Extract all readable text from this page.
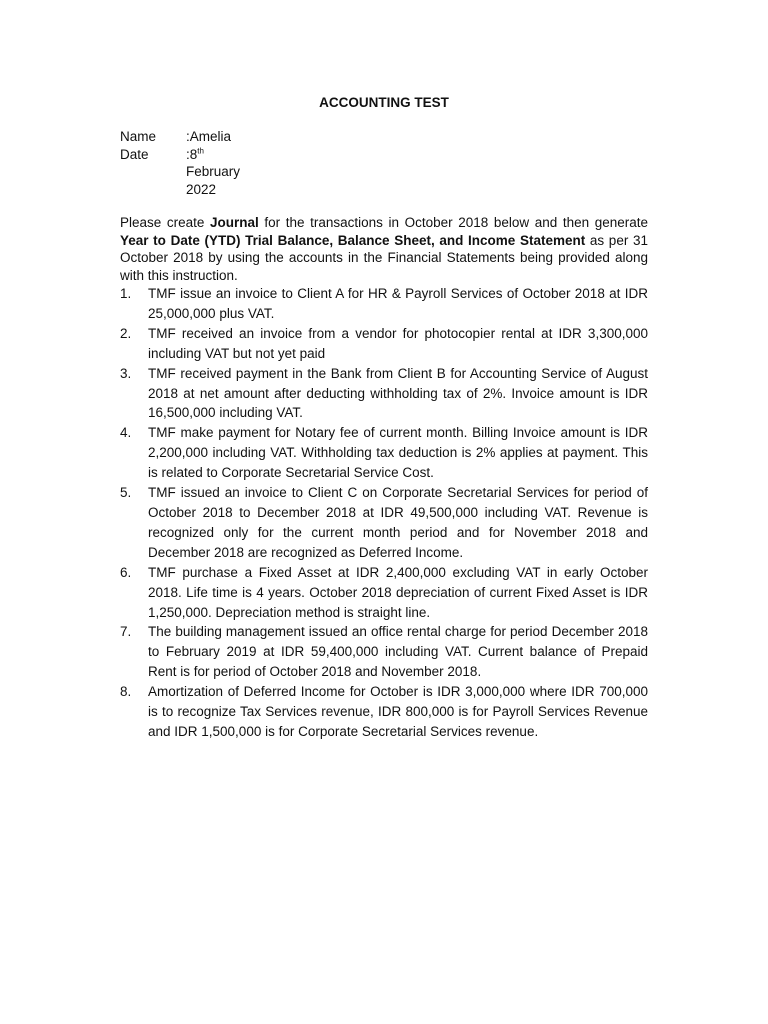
ACCOUNTING TEST
Name	:Amelia
Date	:8th
February
2022
Please create Journal for the transactions in October 2018 below and then generate Year to Date (YTD) Trial Balance, Balance Sheet, and Income Statement as per 31 October 2018 by using the accounts in the Financial Statements being provided along with this instruction.
1.	TMF issue an invoice to Client A for HR & Payroll Services of October 2018 at IDR 25,000,000 plus VAT.
2.	TMF received an invoice from a vendor for photocopier rental at IDR 3,300,000 including VAT but not yet paid
3.	TMF received payment in the Bank from Client B for Accounting Service of August 2018 at net amount after deducting withholding tax of 2%. Invoice amount is IDR 16,500,000 including VAT.
4.	TMF make payment for Notary fee of current month. Billing Invoice amount is IDR 2,200,000 including VAT. Withholding tax deduction is 2% applies at payment. This is related to Corporate Secretarial Service Cost.
5.	TMF issued an invoice to Client C on Corporate Secretarial Services for period of October 2018 to December 2018 at IDR 49,500,000 including VAT. Revenue is recognized only for the current month period and for November 2018 and December 2018 are recognized as Deferred Income.
6.	TMF purchase a Fixed Asset at IDR 2,400,000 excluding VAT in early October 2018. Life time is 4 years. October 2018 depreciation of current Fixed Asset is IDR 1,250,000. Depreciation method is straight line.
7.	The building management issued an office rental charge for period December 2018 to February 2019 at IDR 59,400,000 including VAT. Current balance of Prepaid Rent is for period of October 2018 and November 2018.
8.	Amortization of Deferred Income for October is IDR 3,000,000 where IDR 700,000 is to recognize Tax Services revenue, IDR 800,000 is for Payroll Services Revenue and IDR 1,500,000 is for Corporate Secretarial Services revenue.
